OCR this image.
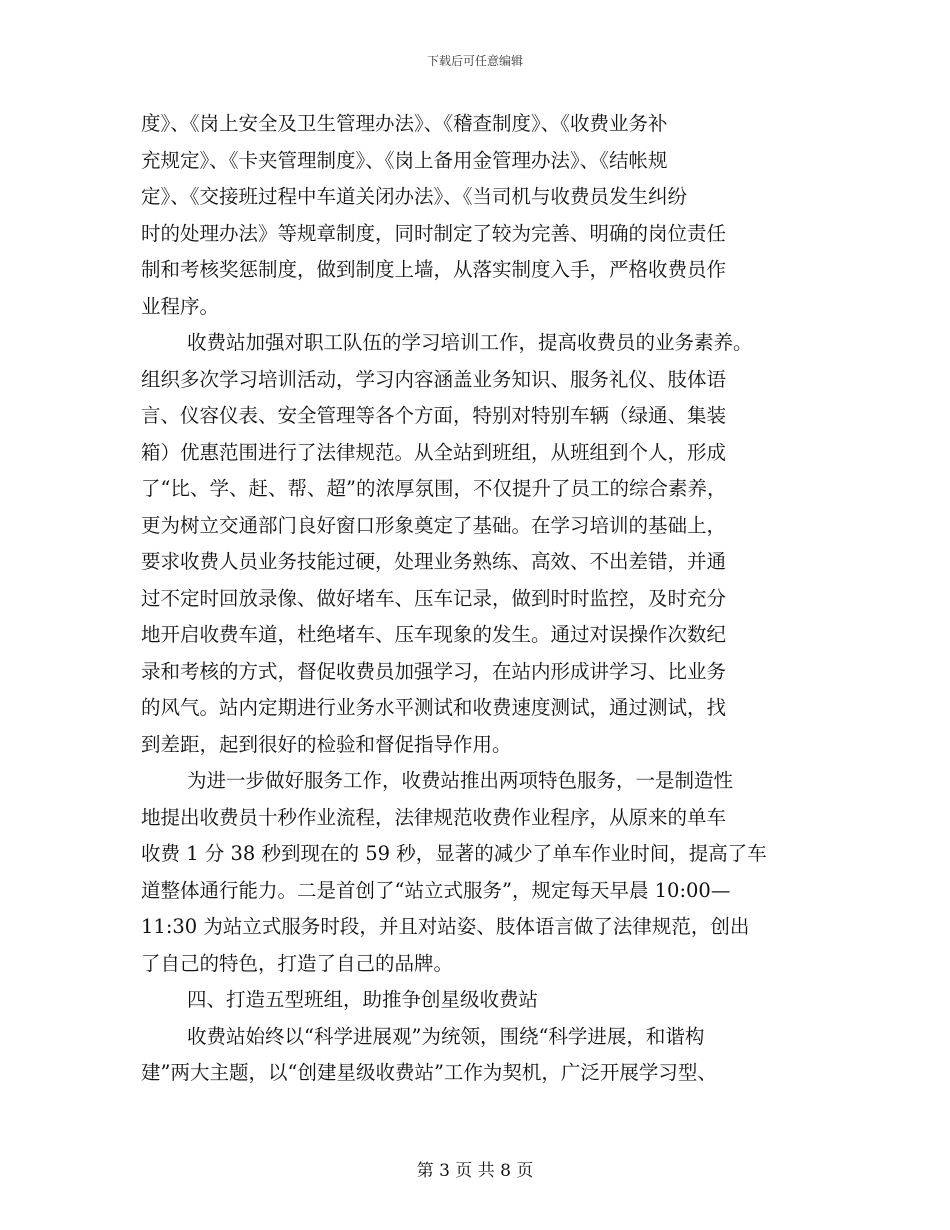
下载后可任意编辑
度》、《岗上安全及卫生管理办法》、《稽查制度》、《收费业务补
充规定》、《卡夹管理制度》、《岗上备用金管理办法》、《结帐规
定》、《交接班过程中车道关闭办法》、《当司机与收费员发生纠纷
时的处理办法》等规章制度，同时制定了较为完善、明确的岗位责任
制和考核奖惩制度，做到制度上墙，从落实制度入手，严格收费员作
业程序。
收费站加强对职工队伍的学习培训工作，提高收费员的业务素养。
组织多次学习培训活动，学习内容涵盖业务知识、服务礼仪、肢体语
言、仪容仪表、安全管理等各个方面，特别对特别车辆（绿通、集装
箱）优惠范围进行了法律规范。从全站到班组，从班组到个人，形成
了“比、学、赶、帮、超”的浓厚氛围，不仅提升了员工的综合素养，
更为树立交通部门良好窗口形象奠定了基础。在学习培训的基础上，
要求收费人员业务技能过硬，处理业务熟练、高效、不出差错，并通
过不定时回放录像、做好堵车、压车记录，做到时时监控，及时充分
地开启收费车道，杜绝堵车、压车现象的发生。通过对误操作次数纪
录和考核的方式，督促收费员加强学习，在站内形成讲学习、比业务
的风气。站内定期进行业务水平测试和收费速度测试，通过测试，找
到差距，起到很好的检验和督促指导作用。
为进一步做好服务工作，收费站推出两项特色服务，一是制造性
地提出收费员十秒作业流程，法律规范收费作业程序，从原来的单车
收费 1 分 38 秒到现在的 59 秒，显著的减少了单车作业时间，提高了车
道整体通行能力。二是首创了“站立式服务”，规定每天早晨 10:00—
11:30 为站立式服务时段，并且对站姿、肢体语言做了法律规范，创出
了自己的特色，打造了自己的品牌。
四、打造五型班组，助推争创星级收费站
收费站始终以“科学进展观”为统领，围绕“科学进展，和谐构
建”两大主题，以“创建星级收费站”工作为契机，广泛开展学习型、
第 3 页 共 8 页
